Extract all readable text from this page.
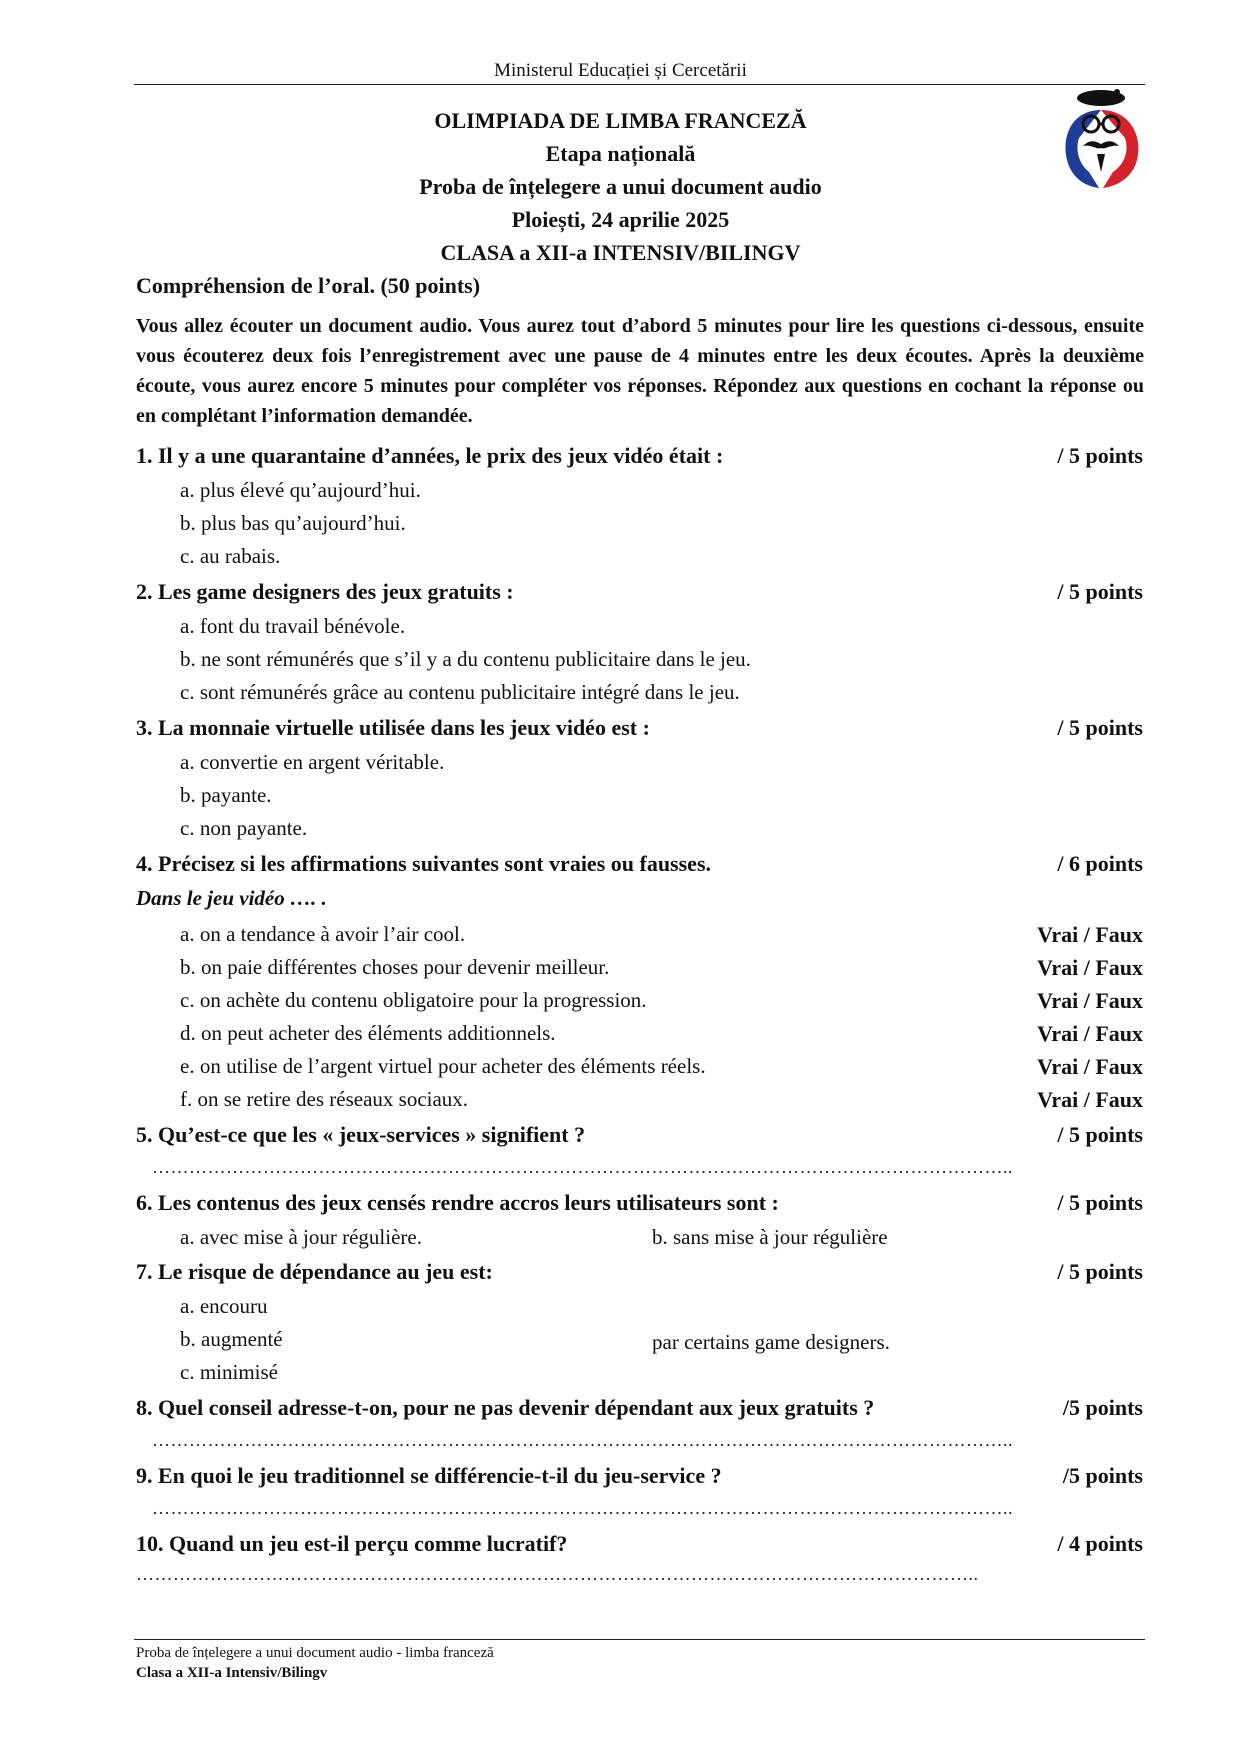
Ministerul Educației și Cercetării
OLIMPIADA DE LIMBA FRANCEZĂ
Etapa națională
Proba de înțelegere a unui document audio
Ploiești, 24 aprilie 2025
CLASA a XII-a INTENSIV/BILINGV
Compréhension de l’oral. (50 points)
Vous allez écouter un document audio. Vous aurez tout d’abord 5 minutes pour lire les questions ci-dessous, ensuite vous écouterez deux fois l’enregistrement avec une pause de 4 minutes entre les deux écoutes. Après la deuxième écoute, vous aurez encore 5 minutes pour compléter vos réponses. Répondez aux questions en cochant la réponse ou en complétant l’information demandée.
1. Il y a une quarantaine d’années, le prix des jeux vidéo était :	/ 5 points
a. plus élevé qu’aujourd’hui.
b. plus bas qu’aujourd’hui.
c. au rabais.
2. Les game designers des jeux gratuits :	/ 5 points
a. font du travail bénévole.
b. ne sont rémunérés que s’il y a du contenu publicitaire dans le jeu.
c. sont rémunérés grâce au contenu publicitaire intégré dans le jeu.
3. La monnaie virtuelle utilisée dans les jeux vidéo est :	/ 5 points
a. convertie en argent véritable.
b. payante.
c. non payante.
4. Précisez si les affirmations suivantes sont vraies ou fausses.	/ 6 points
Dans le jeu vidéo …. .
a. on a tendance à avoir l’air cool.	Vrai / Faux
b. on paie différentes choses pour devenir meilleur.	Vrai / Faux
c. on achète du contenu obligatoire pour la progression.	Vrai / Faux
d. on peut acheter des éléments additionnels.	Vrai / Faux
e. on utilise de l’argent virtuel pour acheter des éléments réels.	Vrai / Faux
f. on se retire des réseaux sociaux.	Vrai / Faux
5. Qu’est-ce que les « jeux-services » signifient ?	/ 5 points
…………………………………………………………………………………………………………………………..
6. Les contenus des jeux censés rendre accros leurs utilisateurs sont :	/ 5 points
a. avec mise à jour régulière.	b. sans mise à jour régulière
7. Le risque de dépendance au jeu est:	/ 5 points
a. encouru
b. augmenté	par certains game designers.
c. minimisé
8. Quel conseil adresse-t-on, pour ne pas devenir dépendant aux jeux gratuits ?	/5 points
…………………………………………………………………………………………………………………………..
9. En quoi le jeu traditionnel se différencie-t-il du jeu-service ?	/5 points
…………………………………………………………………………………………………………………………..
10. Quand un jeu est-il perçu comme lucratif?	/ 4 points
………………………………………………………………………………………………………………………..
Proba de înțelegere a unui document audio - limba franceză
Clasa a XII-a Intensiv/Bilingv
